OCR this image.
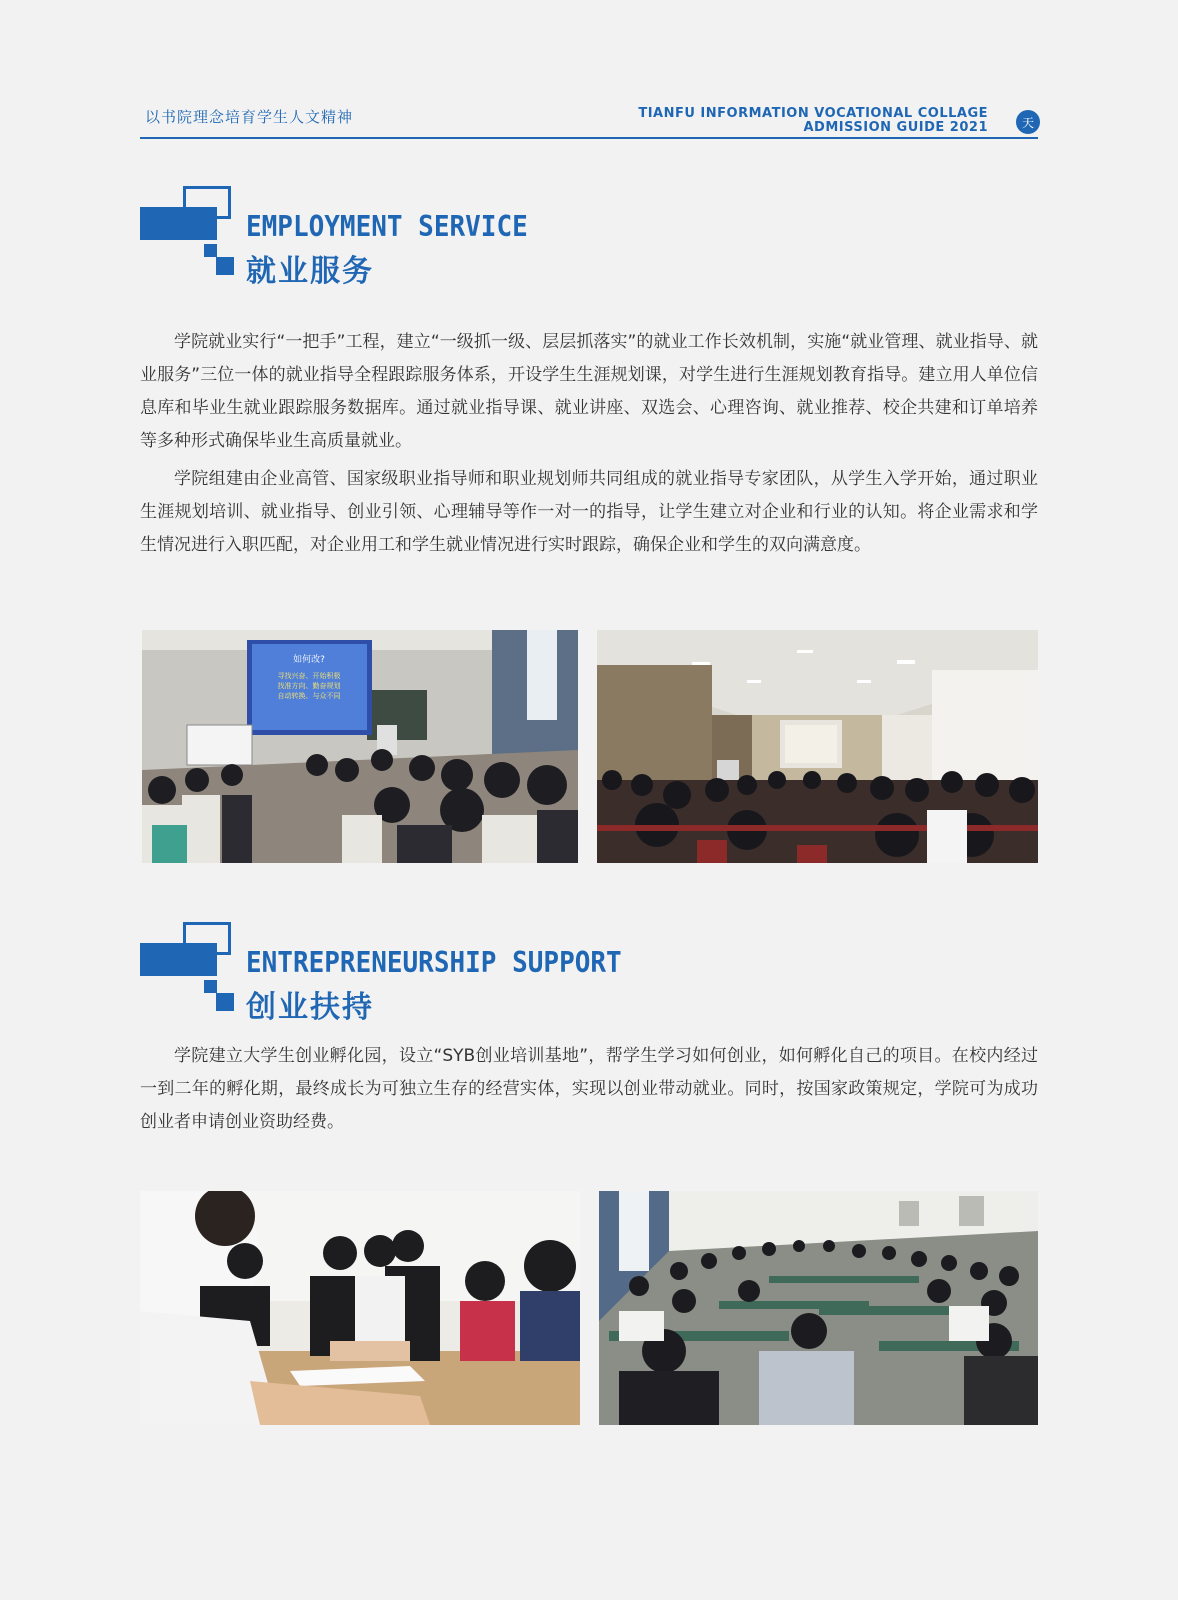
以书院理念培育学生人文精神	TIANFU INFORMATION VOCATIONAL COLLAGE
ADMISSION GUIDE 2021	天
EMPLOYMENT SERVICE
就业服务

学院就业实行“一把手”工程，建立“一级抓一级、层层抓落实”的就业工作长效机制，实施“就业管理、就业指导、就业服务”三位一体的就业指导全程跟踪服务体系，开设学生生涯规划课，对学生进行生涯规划教育指导。建立用人单位信息库和毕业生就业跟踪服务数据库。通过就业指导课、就业讲座、双选会、心理咨询、就业推荐、校企共建和订单培养等多种形式确保毕业生高质量就业。

学院组建由企业高管、国家级职业指导师和职业规划师共同组成的就业指导专家团队，从学生入学开始，通过职业生涯规划培训、就业指导、创业引领、心理辅导等作一对一的指导，让学生建立对企业和行业的认知。将企业需求和学生情况进行入职匹配，对企业用工和学生就业情况进行实时跟踪，确保企业和学生的双向满意度。

如何改?
寻找兴奋、开始积极
找准方向、勤奋规划
自动转换、与众不同
ENTREPRENEURSHIP SUPPORT
创业扶持

学院建立大学生创业孵化园，设立“SYB创业培训基地”，帮学生学习如何创业，如何孵化自己的项目。在校内经过一到二年的孵化期，最终成长为可独立生存的经营实体，实现以创业带动就业。同时，按国家政策规定，学院可为成功创业者申请创业资助经费。
